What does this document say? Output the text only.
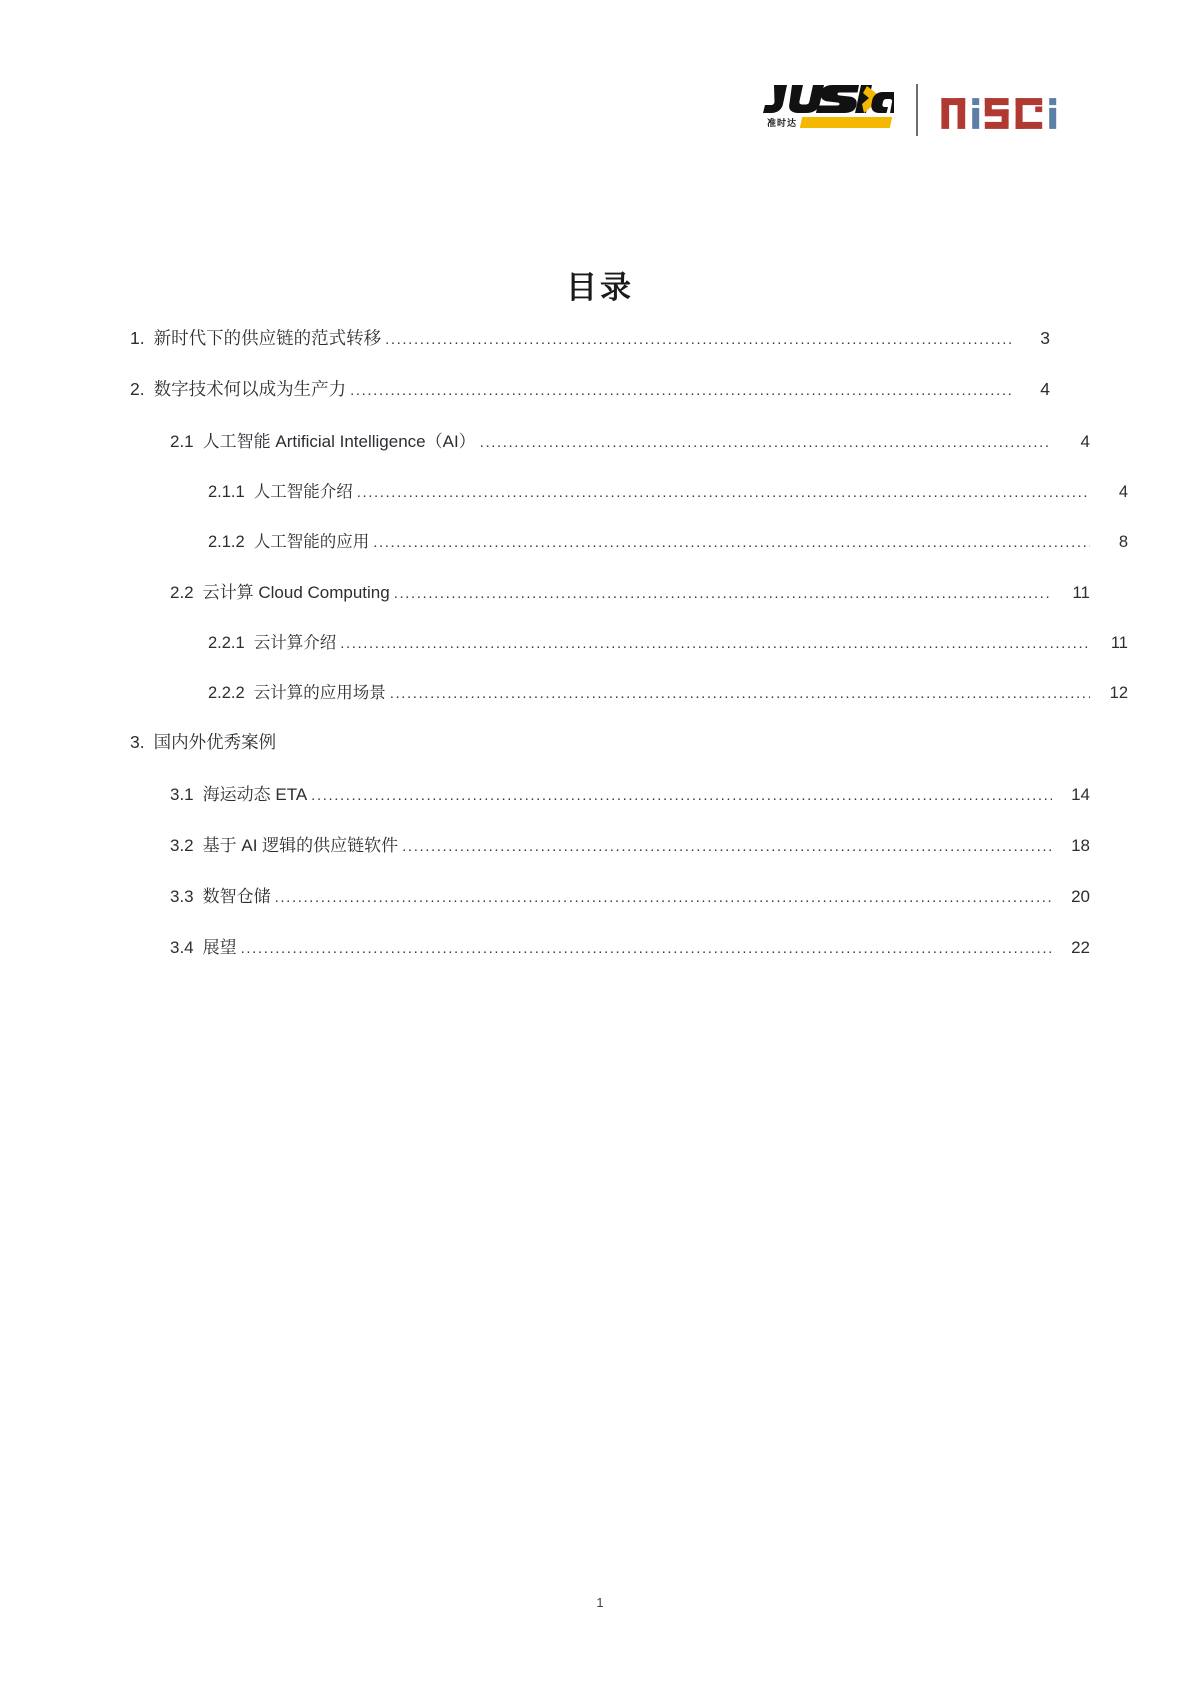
准时达
目录
1. 新时代下的供应链的范式转移 .....	3
2. 数字技术何以成为生产力 .....	4
2.1 人工智能 Artificial Intelligence（AI） .....	4
2.1.1 人工智能介绍 .....	4
2.1.2 人工智能的应用 .....	8
2.2 云计算 Cloud Computing .....	11
2.2.1 云计算介绍 .....	11
2.2.2 云计算的应用场景 .....	12
3. 国内外优秀案例
3.1 海运动态 ETA .....	14
3.2 基于 AI 逻辑的供应链软件 .....	18
3.3 数智仓储 .....	20
3.4 展望 .....	22
1
